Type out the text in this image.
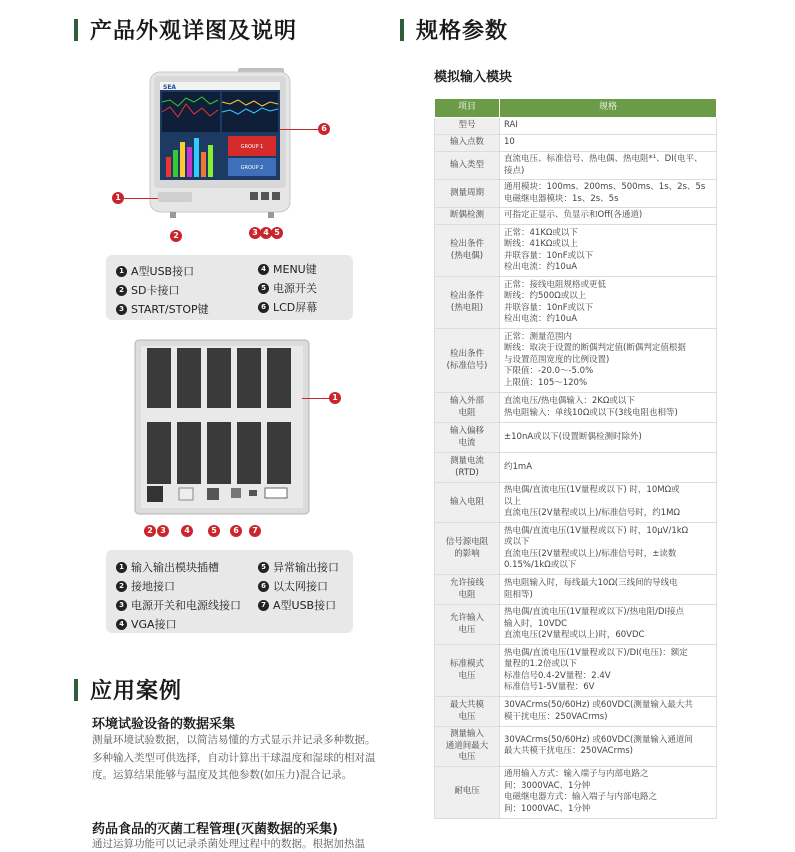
产品外观详图及说明	规格参数
SEA
GROUP 1
GROUP 2
1
2	3 4 5
6
1 A型USB接口
2 SD卡接口
3 START/STOP键
4 MENU键
5 电源开关
6 LCD屏幕
1
2 3	4	5	6	7
1 输入输出模块插槽
2 接地接口
3 电源开关和电源线接口
4 VGA接口
5 异常输出接口
6 以太网接口
7 A型USB接口
应用案例
环境试验设备的数据采集
测量环境试验数据，以简洁易懂的方式显示并记录多种数据。多种输入类型可供选择，自动计算出干球温度和湿球的相对温度。运算结果能够与温度及其他参数(如压力)混合记录。
药品食品的灭菌工程管理(灭菌数据的采集)
通过运算功能可以记录杀菌处理过程中的数据。根据加热温
模拟输入模块
项目	规格
型号	RAI
输入点数	10
输入类型	直流电压、标准信号、热电偶、热电阻*¹、DI(电平、
接点)
测量周期	通用模块：100ms、200ms、500ms、1s、2s、5s
电磁继电器模块：1s、2s、5s
断偶检测	可指定正显示、负显示和Off(各通道)
检出条件
(热电偶)	正常：41KΩ或以下
断线：41KΩ或以上
并联容量：10nF或以下
检出电流：约10uA
检出条件
(热电阻)	正常：接线电阻规格或更低
断线：约500Ω或以上
并联容量：10nF或以下
检出电流：约10uA
检出条件
(标准信号)	正常：测量范围内
断线：取决于设置的断偶判定值(断偶判定值根据
与设置范围宽度的比例设置)
下限值：-20.0〜-5.0%
上限值：105〜120%
输入外部
电阻	直流电压/热电偶输入：2KΩ或以下
热电阻输入：单线10Ω或以下(3线电阻也相等)
输入偏移
电流	±10nA或以下(设置断偶检测时除外)
测量电流
(RTD)	约1mA
输入电阻	热电偶/直流电压(1V量程或以下) 时，10MΩ或
以上
直流电压(2V量程或以上)/标准信号时，约1MΩ
信号源电阻
的影响	热电偶/直流电压(1V量程或以下) 时，10μV/1kΩ
或以下
直流电压(2V量程或以上)/标准信号时，±读数
0.15%/1kΩ或以下
允许接线
电阻	热电阻输入时，每线最大10Ω(三线间的导线电
阻相等)
允许输入
电压	热电偶/直流电压(1V量程或以下)/热电阻/DI接点
输入时，10VDC
直流电压(2V量程或以上)时，60VDC
标准模式
电压	热电偶/直流电压(1V量程或以下)/DI(电压)：额定
量程的1.2倍或以下
标准信号0.4-2V量程：2.4V
标准信号1-5V量程：6V
最大共模
电压	30VACrms(50/60Hz) 或60VDC(测量输入最大共
模干扰电压：250VACrms)
测量输入
通道间最大
电压	30VACrms(50/60Hz) 或60VDC(测量输入通道间
最大共模干扰电压：250VACrms)
耐电压	通用输入方式：输入端子与内部电路之
间：3000VAC、1分钟
电磁继电器方式：输入端子与内部电路之
间：1000VAC、1分钟
